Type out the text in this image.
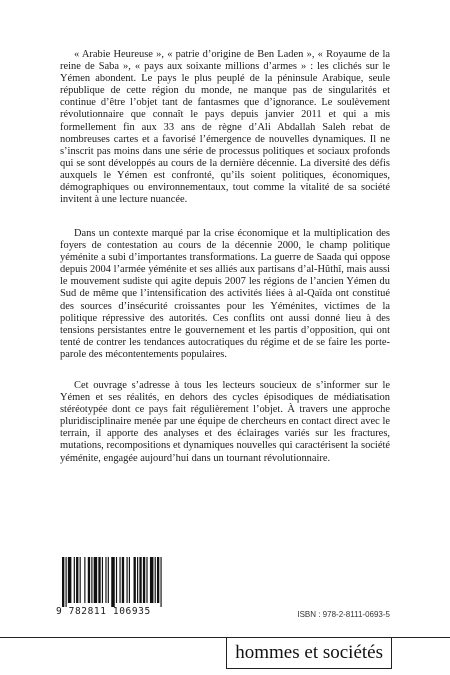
« Arabie Heureuse », « patrie d’origine de Ben Laden », « Royaume de la reine de Saba », « pays aux soixante millions d’armes » : les clichés sur le Yémen abondent. Le pays le plus peuplé de la péninsule Arabique, seule république de cette région du monde, ne manque pas de singularités et continue d’être l’objet tant de fantasmes que d’ignorance. Le soulèvement révolutionnaire que connaît le pays depuis janvier 2011 et qui a mis formellement fin aux 33 ans de règne d’Ali Abdallah Saleh rebat de nombreuses cartes et a favorisé l’émergence de nouvelles dynamiques. Il ne s’inscrit pas moins dans une série de processus politiques et sociaux profonds qui se sont développés au cours de la dernière décennie. La diversité des défis auxquels le Yémen est confronté, qu’ils soient politiques, économiques, démographiques ou environnementaux, tout comme la vitalité de sa société invitent à une lecture nuancée.

Dans un contexte marqué par la crise économique et la multiplication des foyers de contestation au cours de la décennie 2000, le champ politique yéménite a subi d’importantes transformations. La guerre de Saada qui oppose depuis 2004 l’armée yéménite et ses alliés aux partisans d’al-Hûthî, mais aussi le mouvement sudiste qui agite depuis 2007 les régions de l’ancien Yémen du Sud de même que l’intensification des activités liées à al-Qaïda ont constitué des sources d’insécurité croissantes pour les Yéménites, victimes de la politique répressive des autorités. Ces conflits ont aussi donné lieu à des tensions persistantes entre le gouvernement et les partis d’opposition, qui ont tenté de contrer les tendances autocratiques du régime et de se faire les porte-parole des mécontentements populaires.

Cet ouvrage s’adresse à tous les lecteurs soucieux de s’informer sur le Yémen et ses réalités, en dehors des cycles épisodiques de médiatisation stéréotypée dont ce pays fait régulièrement l’objet. À travers une approche pluridisciplinaire menée par une équipe de chercheurs en contact direct avec le terrain, il apporte des analyses et des éclairages variés sur les fractures, mutations, recompositions et dynamiques nouvelles qui caractérisent la société yéménite, engagée aujourd’hui dans un tournant révolutionnaire.

9 782811 106935	ISBN : 978-2-8111-0693-5
hommes et sociétés
